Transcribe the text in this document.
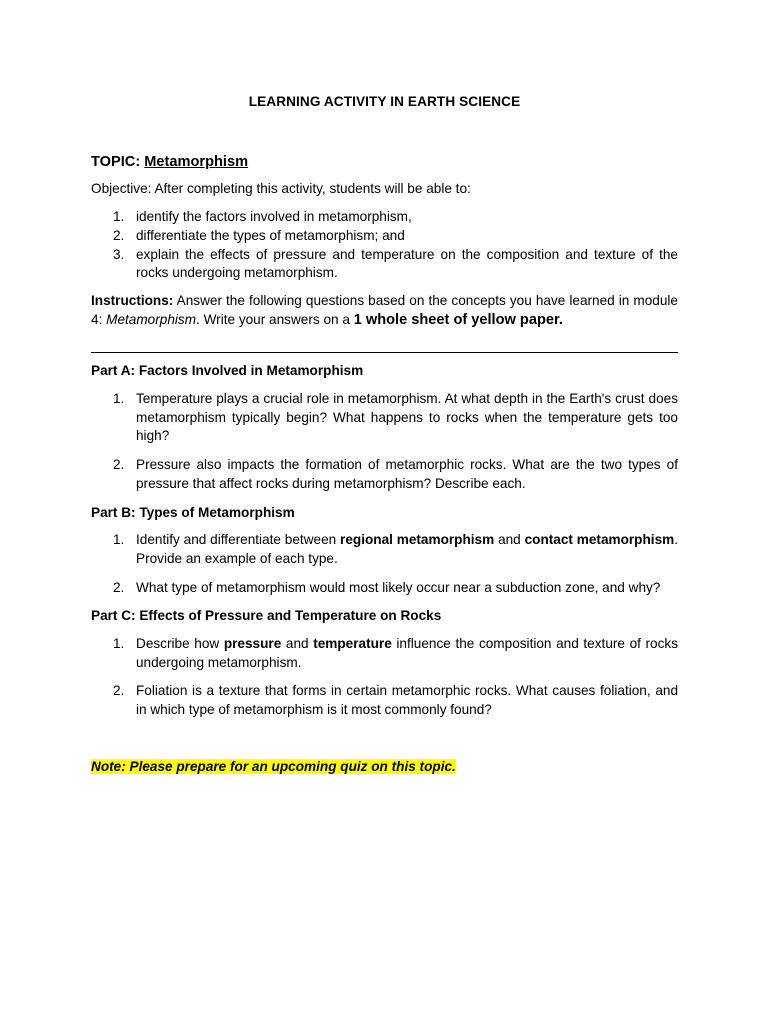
LEARNING ACTIVITY IN EARTH SCIENCE
TOPIC: Metamorphism
Objective: After completing this activity, students will be able to:
1. identify the factors involved in metamorphism,
2. differentiate the types of metamorphism; and
3. explain the effects of pressure and temperature on the composition and texture of the rocks undergoing metamorphism.
Instructions: Answer the following questions based on the concepts you have learned in module 4: Metamorphism. Write your answers on a 1 whole sheet of yellow paper.
Part A: Factors Involved in Metamorphism
1. Temperature plays a crucial role in metamorphism. At what depth in the Earth's crust does metamorphism typically begin? What happens to rocks when the temperature gets too high?
2. Pressure also impacts the formation of metamorphic rocks. What are the two types of pressure that affect rocks during metamorphism? Describe each.
Part B: Types of Metamorphism
1. Identify and differentiate between regional metamorphism and contact metamorphism. Provide an example of each type.
2. What type of metamorphism would most likely occur near a subduction zone, and why?
Part C: Effects of Pressure and Temperature on Rocks
1. Describe how pressure and temperature influence the composition and texture of rocks undergoing metamorphism.
2. Foliation is a texture that forms in certain metamorphic rocks. What causes foliation, and in which type of metamorphism is it most commonly found?
Note: Please prepare for an upcoming quiz on this topic.
